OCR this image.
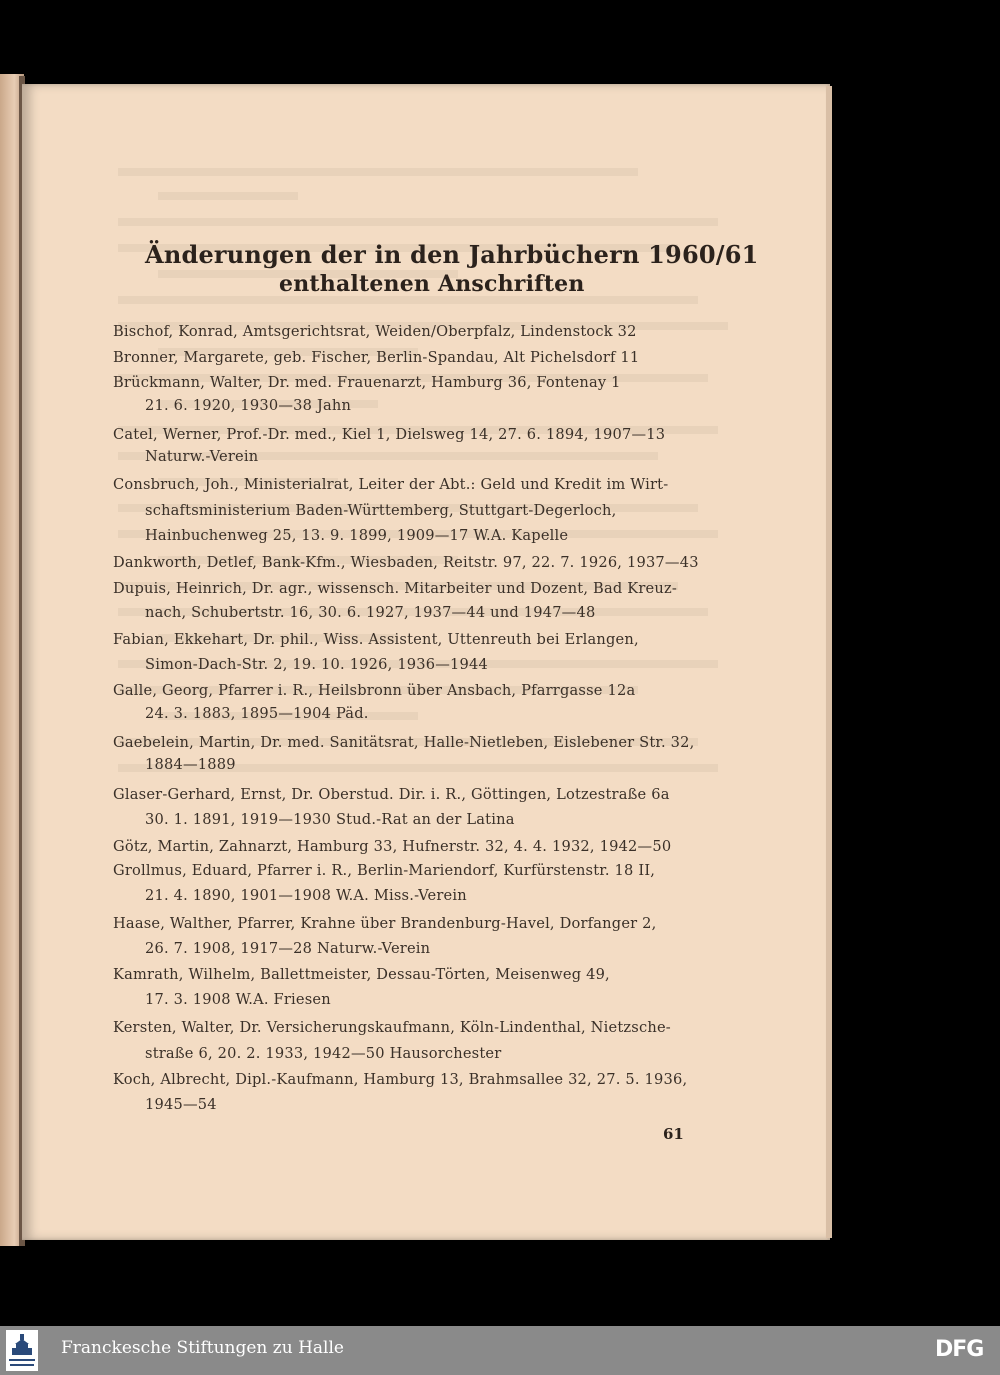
Änderungen der in den Jahrbüchern 1960/61
enthaltenen Anschriften
Bischof, Konrad, Amtsgerichtsrat, Weiden/Oberpfalz, Lindenstock 32
Bronner, Margarete, geb. Fischer, Berlin-Spandau, Alt Pichelsdorf 11
Brückmann, Walter, Dr. med. Frauenarzt, Hamburg 36, Fontenay 1
21. 6. 1920, 1930—38 Jahn
Catel, Werner, Prof.-Dr. med., Kiel 1, Dielsweg 14, 27. 6. 1894, 1907—13
Naturw.-Verein
Consbruch, Joh., Ministerialrat, Leiter der Abt.: Geld und Kredit im Wirt-
schaftsministerium Baden-Württemberg, Stuttgart-Degerloch,
Hainbuchenweg 25, 13. 9. 1899, 1909—17 W.A. Kapelle
Dankworth, Detlef, Bank-Kfm., Wiesbaden, Reitstr. 97, 22. 7. 1926, 1937—43
Dupuis, Heinrich, Dr. agr., wissensch. Mitarbeiter und Dozent, Bad Kreuz-
nach, Schubertstr. 16, 30. 6. 1927, 1937—44 und 1947—48
Fabian, Ekkehart, Dr. phil., Wiss. Assistent, Uttenreuth bei Erlangen,
Simon-Dach-Str. 2, 19. 10. 1926, 1936—1944
Galle, Georg, Pfarrer i. R., Heilsbronn über Ansbach, Pfarrgasse 12a
24. 3. 1883, 1895—1904 Päd.
Gaebelein, Martin, Dr. med. Sanitätsrat, Halle-Nietleben, Eislebener Str. 32,
1884—1889
Glaser-Gerhard, Ernst, Dr. Oberstud. Dir. i. R., Göttingen, Lotzestraße 6a
30. 1. 1891, 1919—1930 Stud.-Rat an der Latina
Götz, Martin, Zahnarzt, Hamburg 33, Hufnerstr. 32, 4. 4. 1932, 1942—50
Grollmus, Eduard, Pfarrer i. R., Berlin-Mariendorf, Kurfürstenstr. 18 II,
21. 4. 1890, 1901—1908 W.A. Miss.-Verein
Haase, Walther, Pfarrer, Krahne über Brandenburg-Havel, Dorfanger 2,
26. 7. 1908, 1917—28 Naturw.-Verein
Kamrath, Wilhelm, Ballettmeister, Dessau-Törten, Meisenweg 49,
17. 3. 1908 W.A. Friesen
Kersten, Walter, Dr. Versicherungskaufmann, Köln-Lindenthal, Nietzsche-
straße 6, 20. 2. 1933, 1942—50 Hausorchester
Koch, Albrecht, Dipl.-Kaufmann, Hamburg 13, Brahmsallee 32, 27. 5. 1936,
1945—54
61
Franckesche Stiftungen zu Halle	DFG
